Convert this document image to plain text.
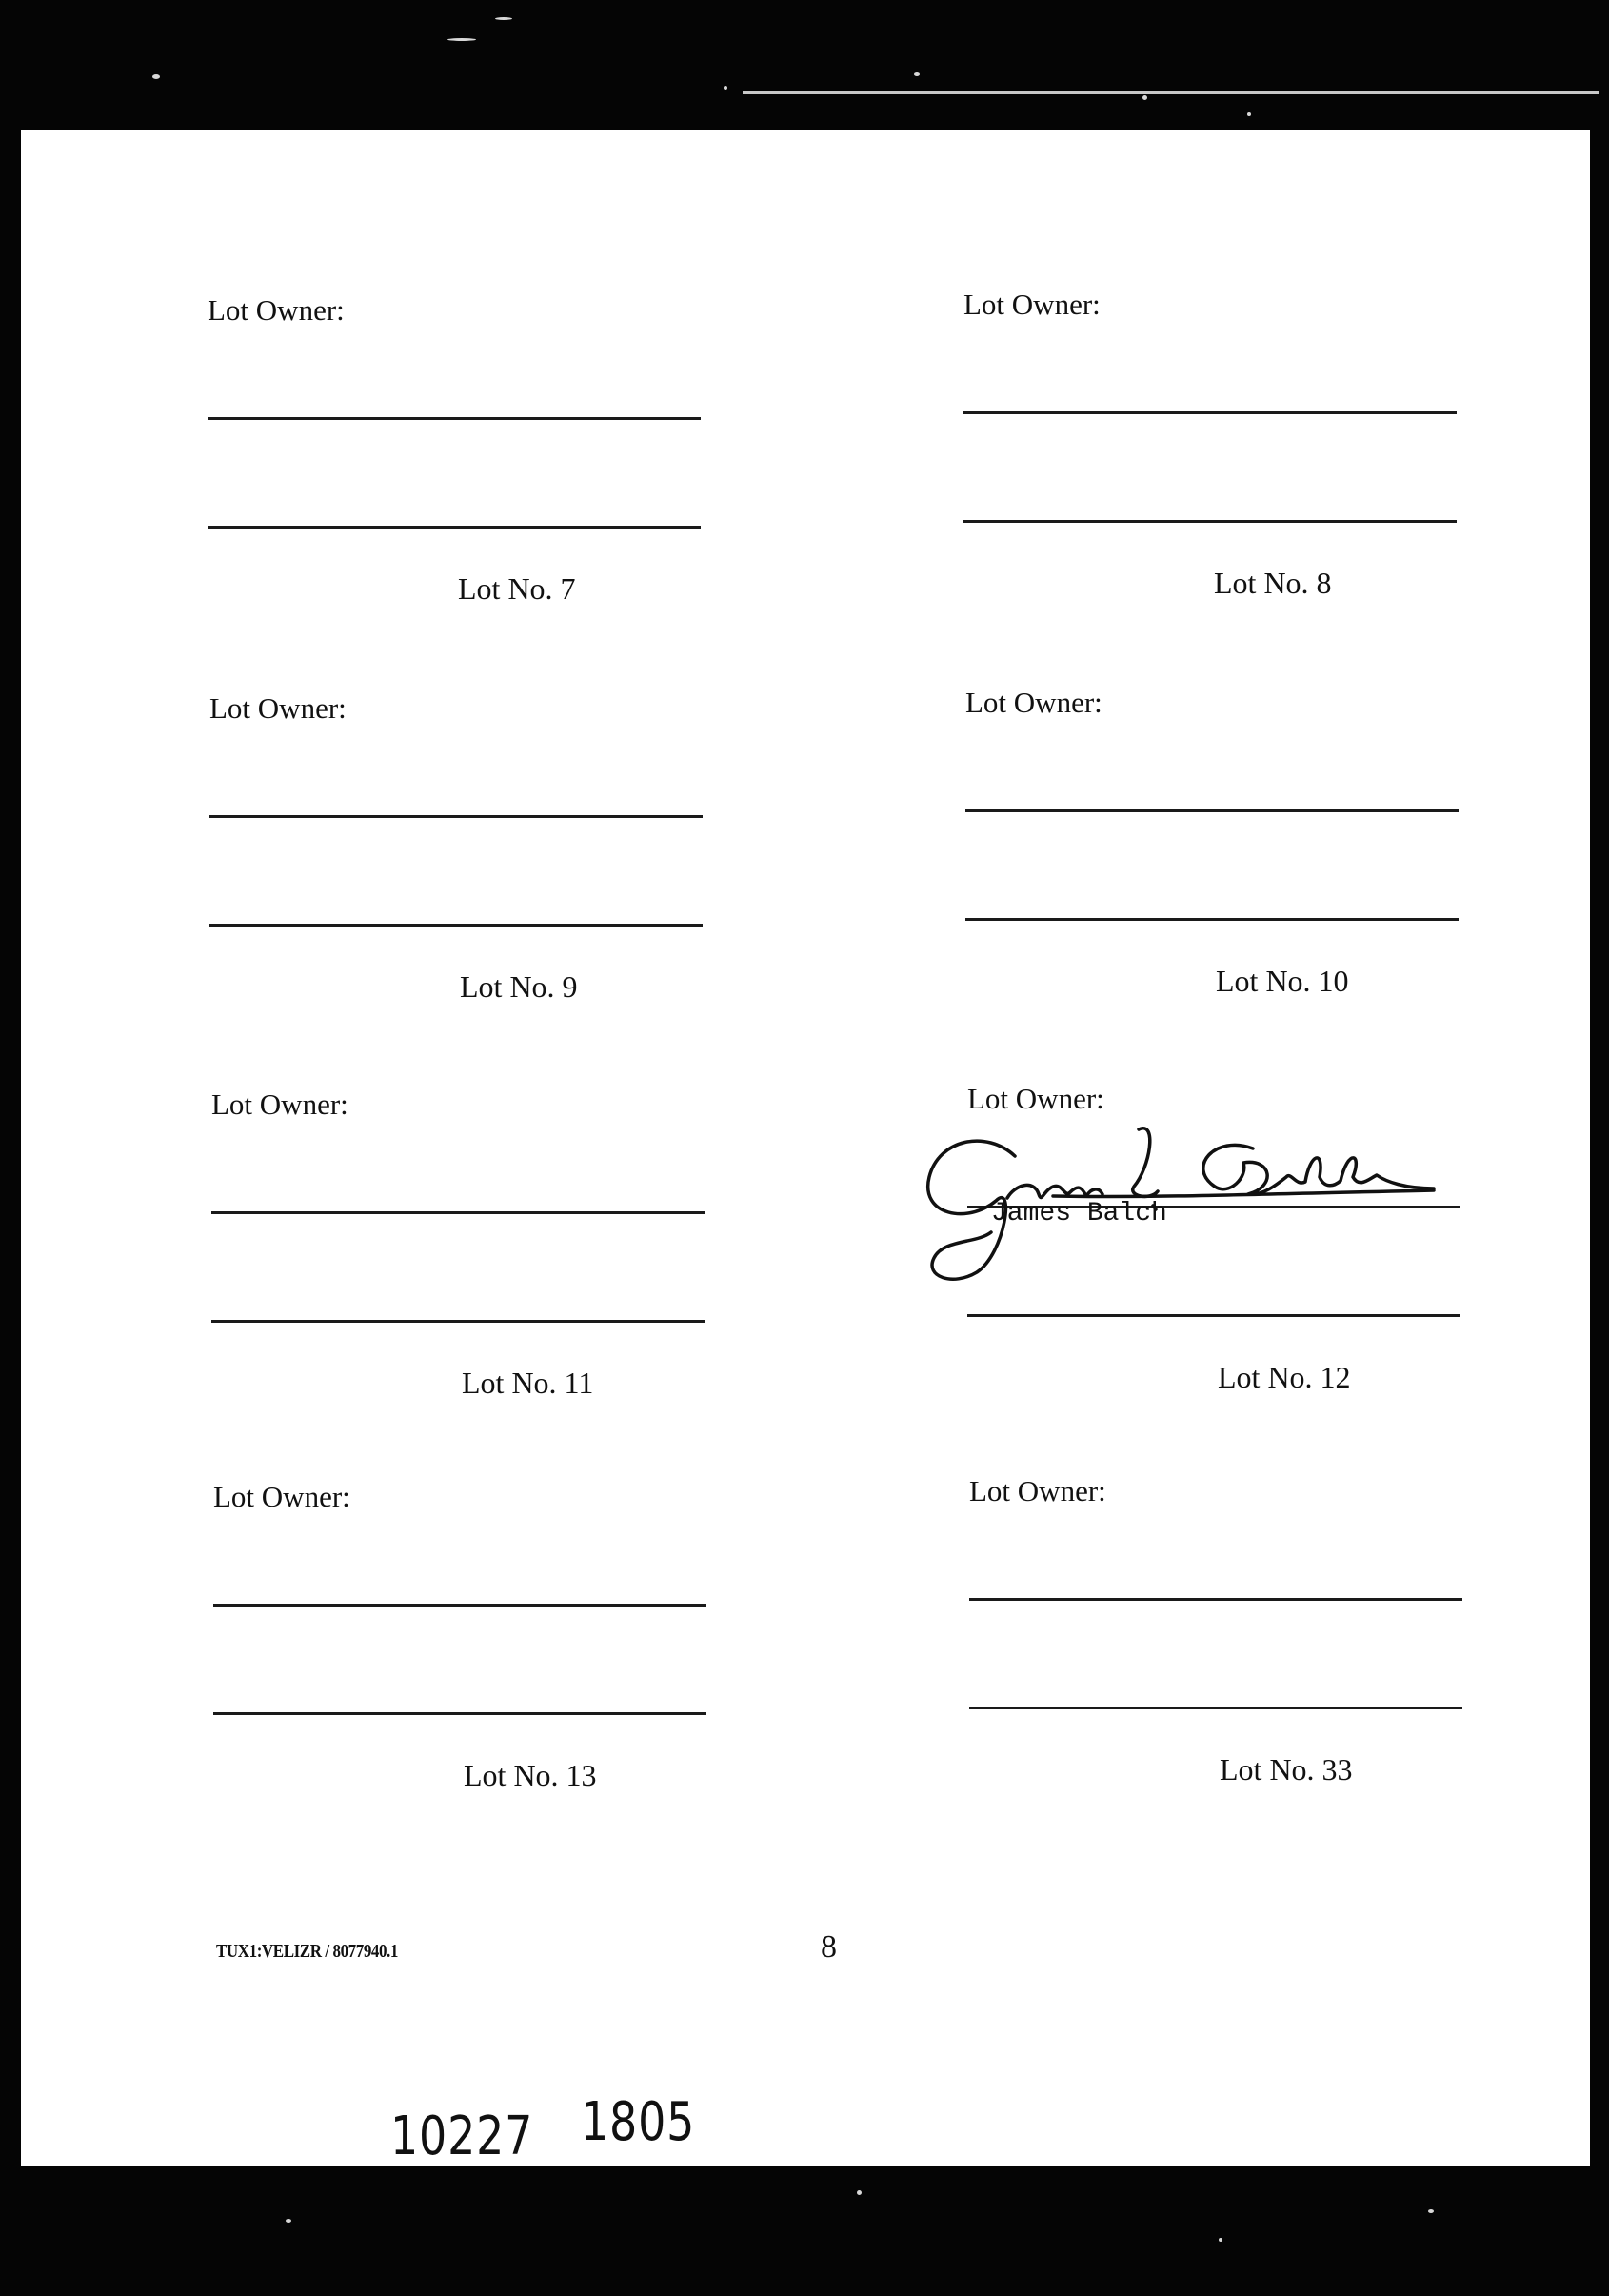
Lot Owner:
Lot No. 7
Lot Owner:
Lot No. 8
Lot Owner:
Lot No. 9
Lot Owner:
Lot No. 10
Lot Owner:
Lot No. 11
Lot Owner:
James Balch
Lot No. 12
Lot Owner:
Lot No. 13
Lot Owner:
Lot No. 33
TUX1:VELIZR / 8077940.1	8
10227 1805
